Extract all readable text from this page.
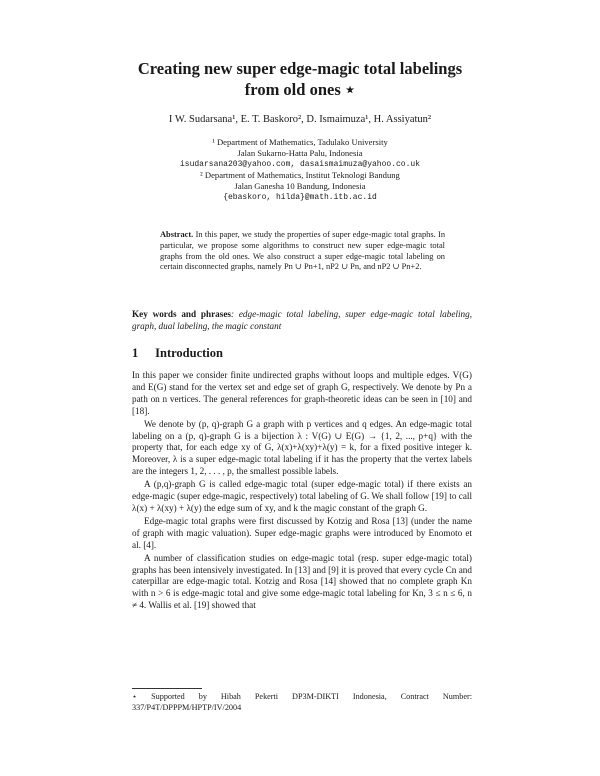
Creating new super edge-magic total labelings
from old ones ⋆
I W. Sudarsana¹, E. T. Baskoro², D. Ismaimuza¹, H. Assiyatun²
¹ Department of Mathematics, Tadulako University
Jalan Sukarno-Hatta Palu, Indonesia
isudarsana203@yahoo.com, dasaismaimuza@yahoo.co.uk
² Department of Mathematics, Institut Teknologi Bandung
Jalan Ganesha 10 Bandung, Indonesia
{ebaskoro, hilda}@math.itb.ac.id
Abstract. In this paper, we study the properties of super edge-magic total graphs. In particular, we propose some algorithms to construct new super edge-magic total graphs from the old ones. We also construct a super edge-magic total labeling on certain disconnected graphs, namely Pn ∪ Pn+1, nP2 ∪ Pn, and nP2 ∪ Pn+2.
Key words and phrases: edge-magic total labeling, super edge-magic total labeling, graph, dual labeling, the magic constant
1 Introduction

In this paper we consider finite undirected graphs without loops and multiple edges. V(G) and E(G) stand for the vertex set and edge set of graph G, respectively. We denote by Pn a path on n vertices. The general references for graph-theoretic ideas can be seen in [10] and [18].

We denote by (p, q)-graph G a graph with p vertices and q edges. An edge-magic total labeling on a (p, q)-graph G is a bijection λ : V(G) ∪ E(G) → {1, 2, ..., p+q} with the property that, for each edge xy of G, λ(x)+λ(xy)+λ(y) = k, for a fixed positive integer k. Moreover, λ is a super edge-magic total labeling if it has the property that the vertex labels are the integers 1, 2, . . . , p, the smallest possible labels.

A (p,q)-graph G is called edge-magic total (super edge-magic total) if there exists an edge-magic (super edge-magic, respectively) total labeling of G. We shall follow [19] to call λ(x) + λ(xy) + λ(y) the edge sum of xy, and k the magic constant of the graph G.

Edge-magic total graphs were first discussed by Kotzig and Rosa [13] (under the name of graph with magic valuation). Super edge-magic graphs were introduced by Enomoto et al. [4].

A number of classification studies on edge-magic total (resp. super edge-magic total) graphs has been intensively investigated. In [13] and [9] it is proved that every cycle Cn and caterpillar are edge-magic total. Kotzig and Rosa [14] showed that no complete graph Kn with n > 6 is edge-magic total and give some edge-magic total labeling for Kn, 3 ≤ n ≤ 6, n ≠ 4. Wallis et al. [19] showed that

⋆ Supported by Hibah Pekerti DP3M-DIKTI Indonesia, Contract Number: 337/P4T/DPPPM/HPTP/IV/2004
